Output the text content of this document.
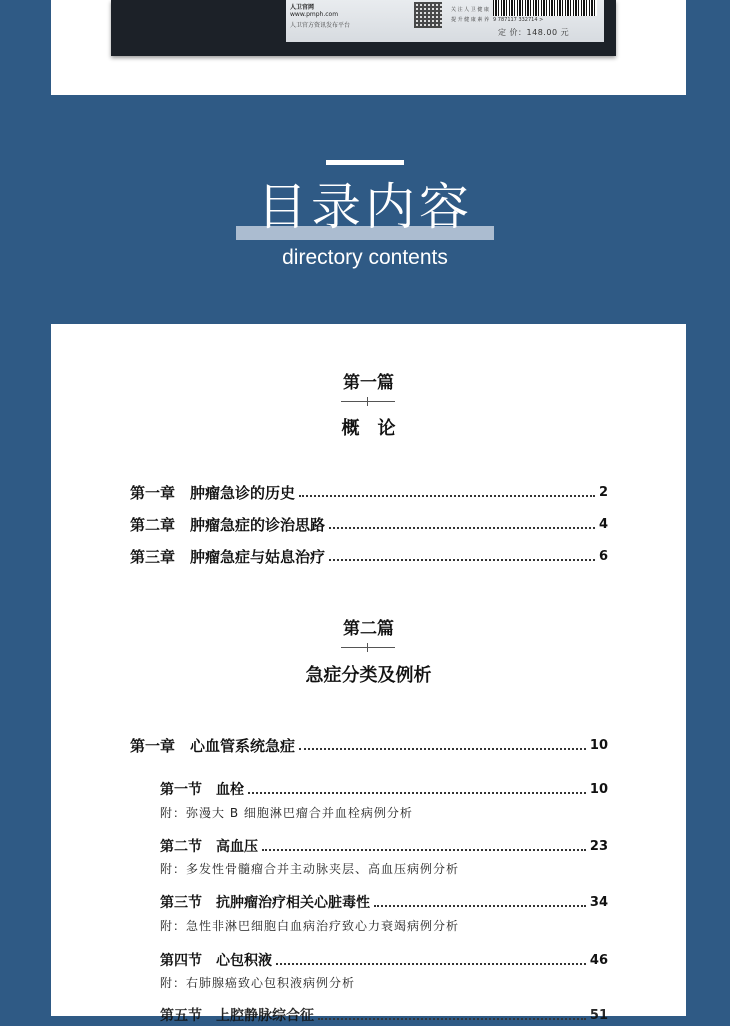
人卫官网
www.pmph.com
人卫官方资讯发布平台
关 注 人 卫 健 康
提 升 健 康 素 养 9 787117 332714 >
定 价：148.00 元
目录内容
directory contents
第一篇
概　论
第一章　肿瘤急诊的历史	2
第二章　肿瘤急症的诊治思路	4
第三章　肿瘤急症与姑息治疗	6
第二篇
急症分类及例析
第一章　心血管系统急症	10
第一节　血栓	10
附：弥漫大 B 细胞淋巴瘤合并血栓病例分析
第二节　高血压	23
附：多发性骨髓瘤合并主动脉夹层、高血压病例分析
第三节　抗肿瘤治疗相关心脏毒性	34
附：急性非淋巴细胞白血病治疗致心力衰竭病例分析
第四节　心包积液	46
附：右肺腺癌致心包积液病例分析
第五节　上腔静脉综合征	51
